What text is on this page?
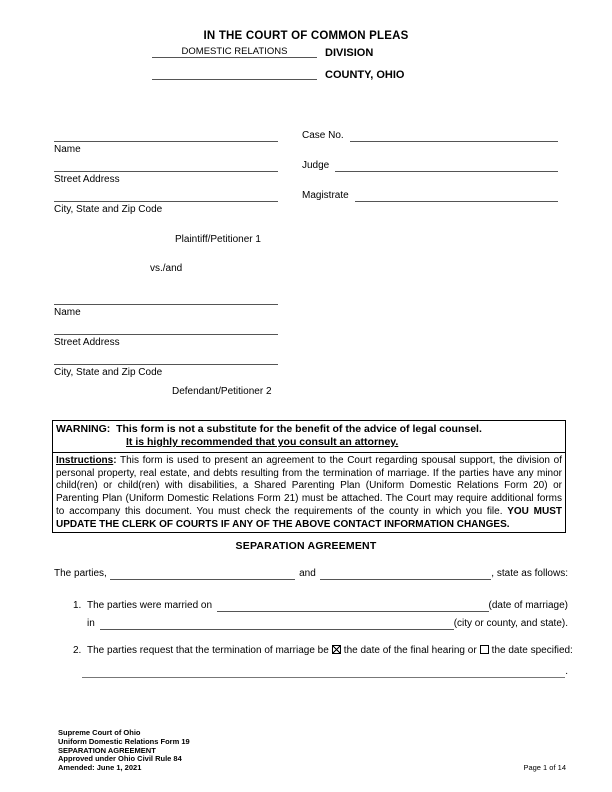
IN THE COURT OF COMMON PLEAS
DOMESTIC RELATIONS	DIVISION
COUNTY, OHIO
Name
Street Address
City, State and Zip Code
Case No.
Judge
Magistrate
Plaintiff/Petitioner 1
vs./and
Name
Street Address
City, State and Zip Code
Defendant/Petitioner 2
WARNING: This form is not a substitute for the benefit of the advice of legal counsel.
It is highly recommended that you consult an attorney.
Instructions: This form is used to present an agreement to the Court regarding spousal support, the division of personal property, real estate, and debts resulting from the termination of marriage. If the parties have any minor child(ren) or child(ren) with disabilities, a Shared Parenting Plan (Uniform Domestic Relations Form 20) or Parenting Plan (Uniform Domestic Relations Form 21) must be attached. The Court may require additional forms to accompany this document. You must check the requirements of the county in which you file. YOU MUST UPDATE THE CLERK OF COURTS IF ANY OF THE ABOVE CONTACT INFORMATION CHANGES.
SEPARATION AGREEMENT
The parties,	and	, state as follows:
1. The parties were married on	(date of marriage)
in	(city or county, and state).
2. The parties request that the termination of marriage be the date of the final hearing or the date specified:
.
Supreme Court of Ohio
Uniform Domestic Relations Form 19
SEPARATION AGREEMENT
Approved under Ohio Civil Rule 84
Amended: June 1, 2021	Page 1 of 14
